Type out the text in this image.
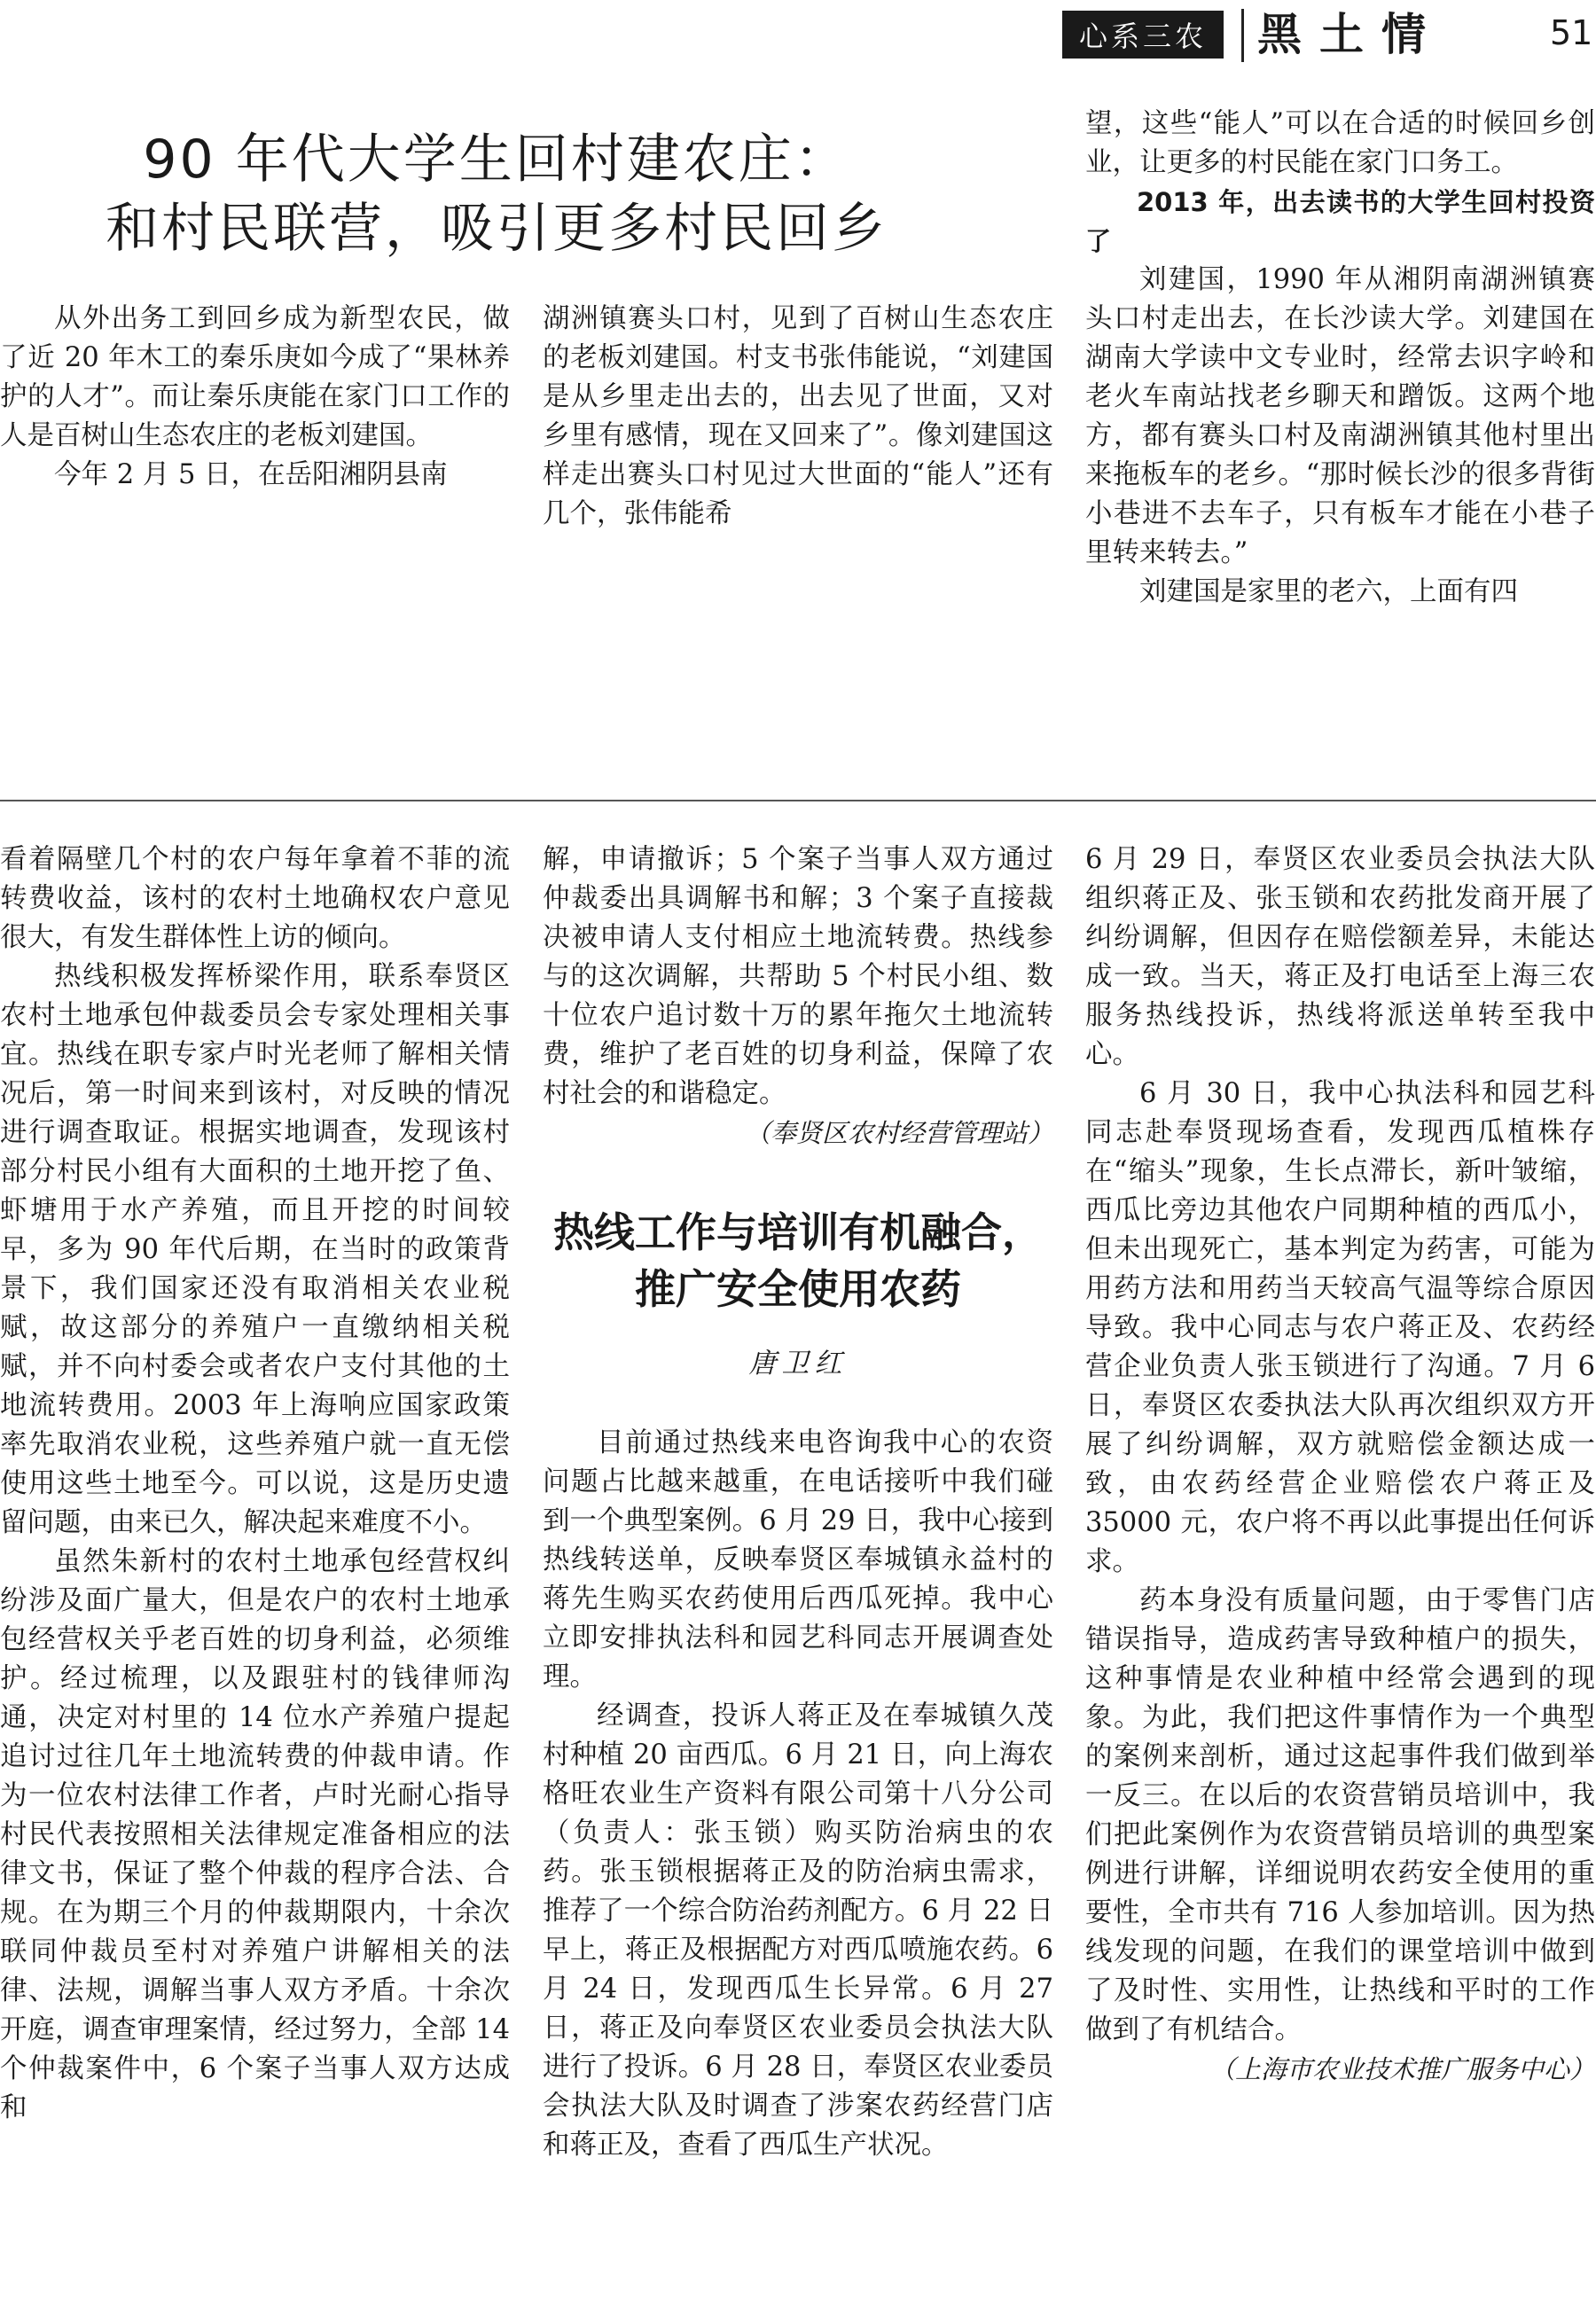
心系三农	黑土情	51
90 年代大学生回村建农庄：
和村民联营，吸引更多村民回乡

从外出务工到回乡成为新型农民，做了近 20 年木工的秦乐庚如今成了“果林养护的人才”。而让秦乐庚能在家门口工作的人是百树山生态农庄的老板刘建国。

今年 2 月 5 日，在岳阳湘阴县南

湖洲镇赛头口村，见到了百树山生态农庄的老板刘建国。村支书张伟能说，“刘建国是从乡里走出去的，出去见了世面，又对乡里有感情，现在又回来了”。像刘建国这样走出赛头口村见过大世面的“能人”还有几个，张伟能希

望，这些“能人”可以在合适的时候回乡创业，让更多的村民能在家门口务工。

2013 年，出去读书的大学生回村投资了

刘建国，1990 年从湘阴南湖洲镇赛头口村走出去，在长沙读大学。刘建国在湖南大学读中文专业时，经常去识字岭和老火车南站找老乡聊天和蹭饭。这两个地方，都有赛头口村及南湖洲镇其他村里出来拖板车的老乡。“那时候长沙的很多背街小巷进不去车子，只有板车才能在小巷子里转来转去。”

刘建国是家里的老六，上面有四

看着隔壁几个村的农户每年拿着不菲的流转费收益，该村的农村土地确权农户意见很大，有发生群体性上访的倾向。

热线积极发挥桥梁作用，联系奉贤区农村土地承包仲裁委员会专家处理相关事宜。热线在职专家卢时光老师了解相关情况后，第一时间来到该村，对反映的情况进行调查取证。根据实地调查，发现该村部分村民小组有大面积的土地开挖了鱼、虾塘用于水产养殖，而且开挖的时间较早，多为 90 年代后期，在当时的政策背景下，我们国家还没有取消相关农业税赋，故这部分的养殖户一直缴纳相关税赋，并不向村委会或者农户支付其他的土地流转费用。2003 年上海响应国家政策率先取消农业税，这些养殖户就一直无偿使用这些土地至今。可以说，这是历史遗留问题，由来已久，解决起来难度不小。

虽然朱新村的农村土地承包经营权纠纷涉及面广量大，但是农户的农村土地承包经营权关乎老百姓的切身利益，必须维护。经过梳理，以及跟驻村的钱律师沟通，决定对村里的 14 位水产养殖户提起追讨过往几年土地流转费的仲裁申请。作为一位农村法律工作者，卢时光耐心指导村民代表按照相关法律规定准备相应的法律文书，保证了整个仲裁的程序合法、合规。在为期三个月的仲裁期限内，十余次联同仲裁员至村对养殖户讲解相关的法律、法规，调解当事人双方矛盾。十余次开庭，调查审理案情，经过努力，全部 14 个仲裁案件中，6 个案子当事人双方达成和

解，申请撤诉；5 个案子当事人双方通过仲裁委出具调解书和解；3 个案子直接裁决被申请人支付相应土地流转费。热线参与的这次调解，共帮助 5 个村民小组、数十位农户追讨数十万的累年拖欠土地流转费，维护了老百姓的切身利益，保障了农村社会的和谐稳定。

（奉贤区农村经营管理站）
热线工作与培训有机融合，
推广安全使用农药
唐卫红

目前通过热线来电咨询我中心的农资问题占比越来越重，在电话接听中我们碰到一个典型案例。6 月 29 日，我中心接到热线转送单，反映奉贤区奉城镇永益村的蒋先生购买农药使用后西瓜死掉。我中心立即安排执法科和园艺科同志开展调查处理。

经调查，投诉人蒋正及在奉城镇久茂村种植 20 亩西瓜。6 月 21 日，向上海农格旺农业生产资料有限公司第十八分公司（负责人：张玉锁）购买防治病虫的农药。张玉锁根据蒋正及的防治病虫需求，推荐了一个综合防治药剂配方。6 月 22 日早上，蒋正及根据配方对西瓜喷施农药。6 月 24 日，发现西瓜生长异常。6 月 27 日，蒋正及向奉贤区农业委员会执法大队进行了投诉。6 月 28 日，奉贤区农业委员会执法大队及时调查了涉案农药经营门店和蒋正及，查看了西瓜生产状况。

6 月 29 日，奉贤区农业委员会执法大队组织蒋正及、张玉锁和农药批发商开展了纠纷调解，但因存在赔偿额差异，未能达成一致。当天，蒋正及打电话至上海三农服务热线投诉，热线将派送单转至我中心。

6 月 30 日，我中心执法科和园艺科同志赴奉贤现场查看，发现西瓜植株存在“缩头”现象，生长点滞长，新叶皱缩，西瓜比旁边其他农户同期种植的西瓜小，但未出现死亡，基本判定为药害，可能为用药方法和用药当天较高气温等综合原因导致。我中心同志与农户蒋正及、农药经营企业负责人张玉锁进行了沟通。7 月 6 日，奉贤区农委执法大队再次组织双方开展了纠纷调解，双方就赔偿金额达成一致，由农药经营企业赔偿农户蒋正及 35000 元，农户将不再以此事提出任何诉求。

药本身没有质量问题，由于零售门店错误指导，造成药害导致种植户的损失，这种事情是农业种植中经常会遇到的现象。为此，我们把这件事情作为一个典型的案例来剖析，通过这起事件我们做到举一反三。在以后的农资营销员培训中，我们把此案例作为农资营销员培训的典型案例进行讲解，详细说明农药安全使用的重要性，全市共有 716 人参加培训。因为热线发现的问题，在我们的课堂培训中做到了及时性、实用性，让热线和平时的工作做到了有机结合。

（上海市农业技术推广服务中心）
